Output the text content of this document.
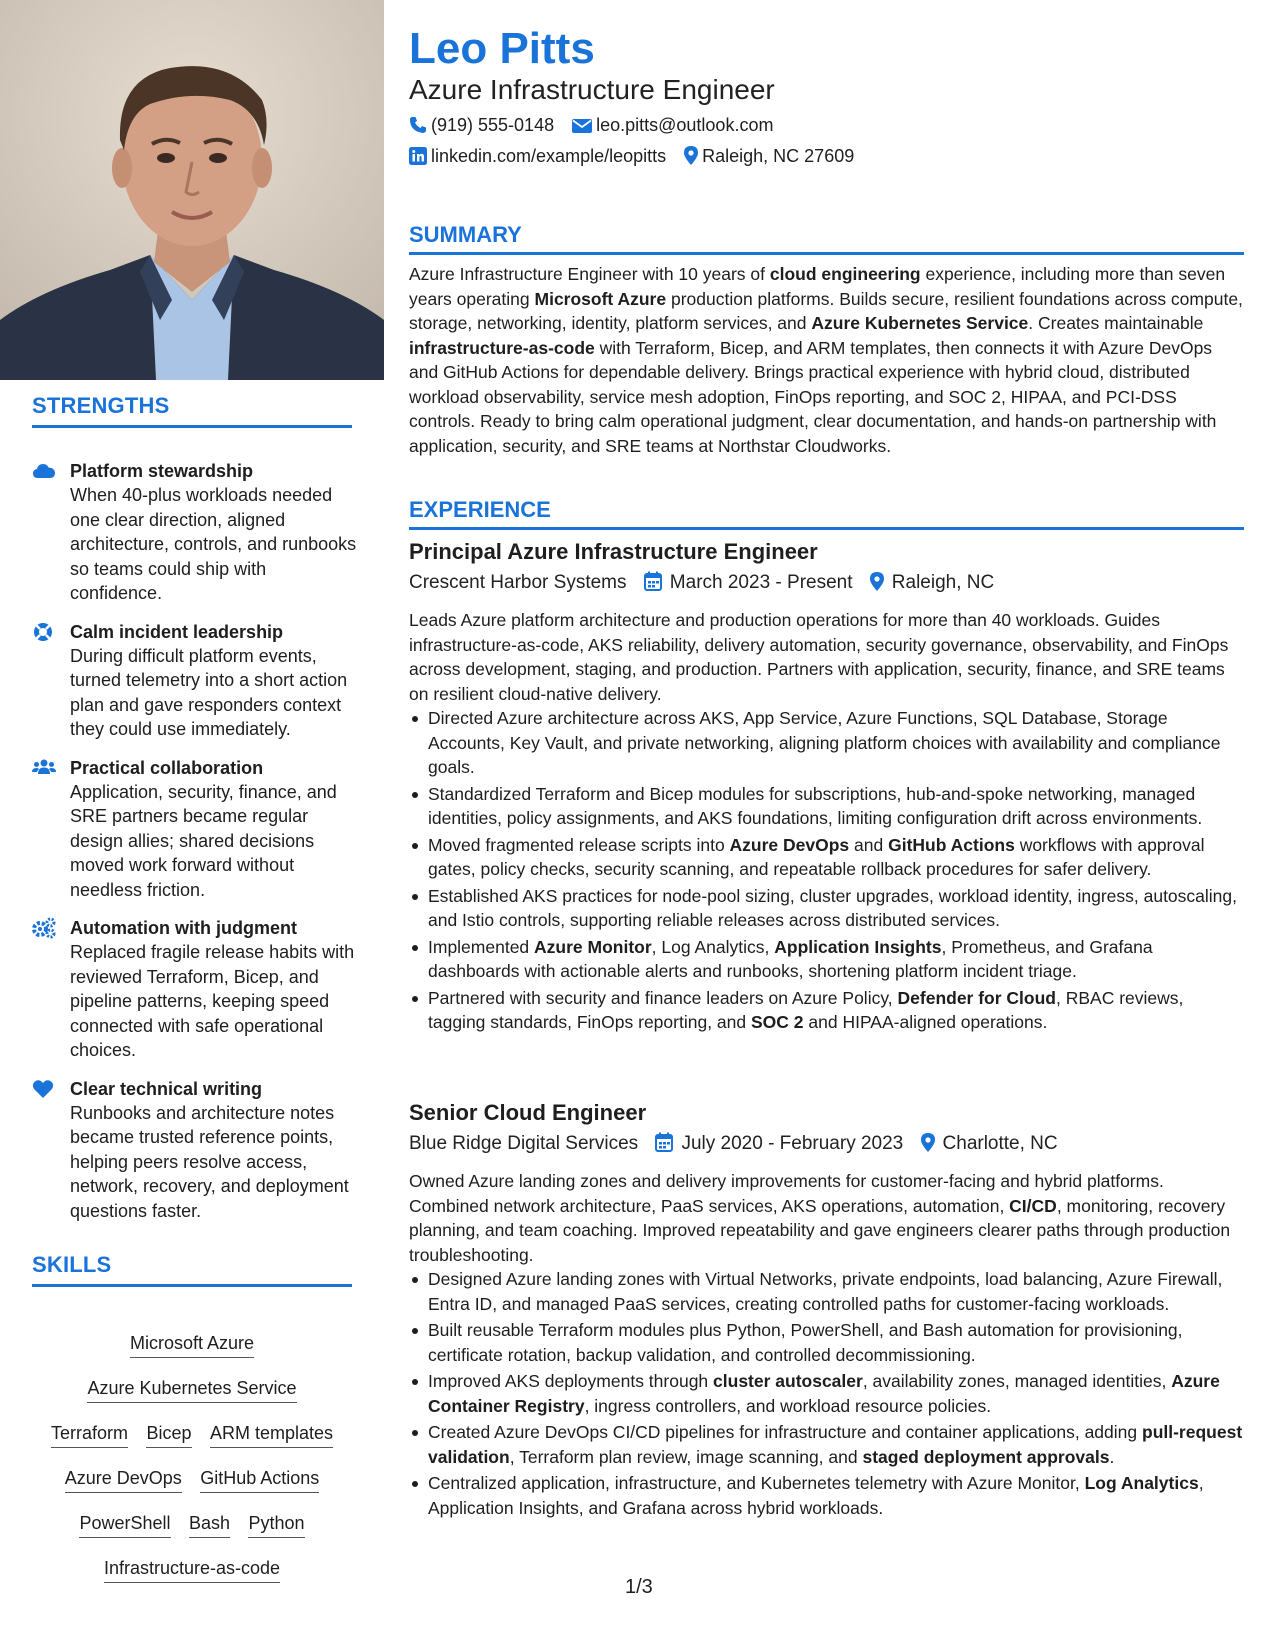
STRENGTHS
Platform stewardship
When 40-plus workloads needed one clear direction, aligned architecture, controls, and runbooks so teams could ship with confidence.
Calm incident leadership
During difficult platform events, turned telemetry into a short action plan and gave responders context they could use immediately.
Practical collaboration
Application, security, finance, and SRE partners became regular design allies; shared decisions moved work forward without needless friction.
Automation with judgment
Replaced fragile release habits with reviewed Terraform, Bicep, and pipeline patterns, keeping speed connected with safe operational choices.
Clear technical writing
Runbooks and architecture notes became trusted reference points, helping peers resolve access, network, recovery, and deployment questions faster.
SKILLS
Microsoft Azure
Azure Kubernetes Service
Terraform Bicep ARM templates
Azure DevOps GitHub Actions
PowerShell Bash Python
Infrastructure-as-code
Leo Pitts
Azure Infrastructure Engineer
(919) 555-0148 leo.pitts@outlook.com
linkedin.com/example/leopitts Raleigh, NC 27609
SUMMARY
Azure Infrastructure Engineer with 10 years of cloud engineering experience, including more than seven years operating Microsoft Azure production platforms. Builds secure, resilient foundations across compute, storage, networking, identity, platform services, and Azure Kubernetes Service. Creates maintainable infrastructure-as-code with Terraform, Bicep, and ARM templates, then connects it with Azure DevOps and GitHub Actions for dependable delivery. Brings practical experience with hybrid cloud, distributed workload observability, service mesh adoption, FinOps reporting, and SOC 2, HIPAA, and PCI-DSS controls. Ready to bring calm operational judgment, clear documentation, and hands-on partnership with application, security, and SRE teams at Northstar Cloudworks.
EXPERIENCE
Principal Azure Infrastructure Engineer
Crescent Harbor Systems March 2023 - Present Raleigh, NC
Leads Azure platform architecture and production operations for more than 40 workloads. Guides infrastructure-as-code, AKS reliability, delivery automation, security governance, observability, and FinOps across development, staging, and production. Partners with application, security, finance, and SRE teams on resilient cloud-native delivery.
Directed Azure architecture across AKS, App Service, Azure Functions, SQL Database, Storage Accounts, Key Vault, and private networking, aligning platform choices with availability and compliance goals.
Standardized Terraform and Bicep modules for subscriptions, hub-and-spoke networking, managed identities, policy assignments, and AKS foundations, limiting configuration drift across environments.
Moved fragmented release scripts into Azure DevOps and GitHub Actions workflows with approval gates, policy checks, security scanning, and repeatable rollback procedures for safer delivery.
Established AKS practices for node-pool sizing, cluster upgrades, workload identity, ingress, autoscaling, and Istio controls, supporting reliable releases across distributed services.
Implemented Azure Monitor, Log Analytics, Application Insights, Prometheus, and Grafana dashboards with actionable alerts and runbooks, shortening platform incident triage.
Partnered with security and finance leaders on Azure Policy, Defender for Cloud, RBAC reviews, tagging standards, FinOps reporting, and SOC 2 and HIPAA-aligned operations.
Senior Cloud Engineer
Blue Ridge Digital Services July 2020 - February 2023 Charlotte, NC
Owned Azure landing zones and delivery improvements for customer-facing and hybrid platforms. Combined network architecture, PaaS services, AKS operations, automation, CI/CD, monitoring, recovery planning, and team coaching. Improved repeatability and gave engineers clearer paths through production troubleshooting.
Designed Azure landing zones with Virtual Networks, private endpoints, load balancing, Azure Firewall, Entra ID, and managed PaaS services, creating controlled paths for customer-facing workloads.
Built reusable Terraform modules plus Python, PowerShell, and Bash automation for provisioning, certificate rotation, backup validation, and controlled decommissioning.
Improved AKS deployments through cluster autoscaler, availability zones, managed identities, Azure Container Registry, ingress controllers, and workload resource policies.
Created Azure DevOps CI/CD pipelines for infrastructure and container applications, adding pull-request validation, Terraform plan review, image scanning, and staged deployment approvals.
Centralized application, infrastructure, and Kubernetes telemetry with Azure Monitor, Log Analytics, Application Insights, and Grafana across hybrid workloads.
1/3
